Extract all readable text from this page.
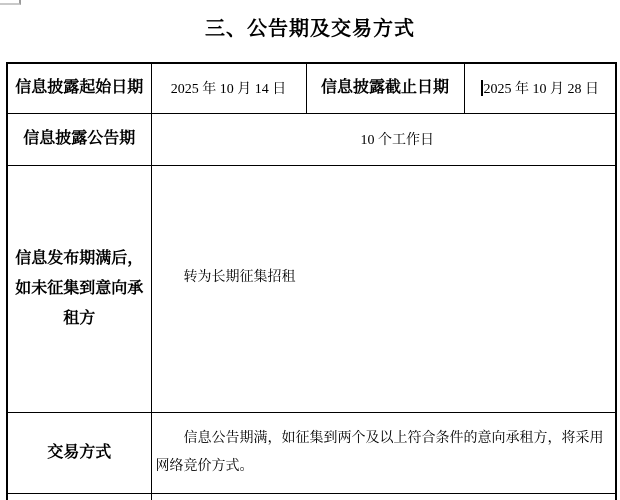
三、公告期及交易方式
信息披露起始日期	2025 年 10 月 14 日	信息披露截止日期	2025 年 10 月 28 日
信息披露公告期	10 个工作日		
信息发布期满后，如未征集到意向承租方	转为长期征集招租		
交易方式	信息公告期满，如征集到两个及以上符合条件的意向承租方，将采用网络竞价方式。		
